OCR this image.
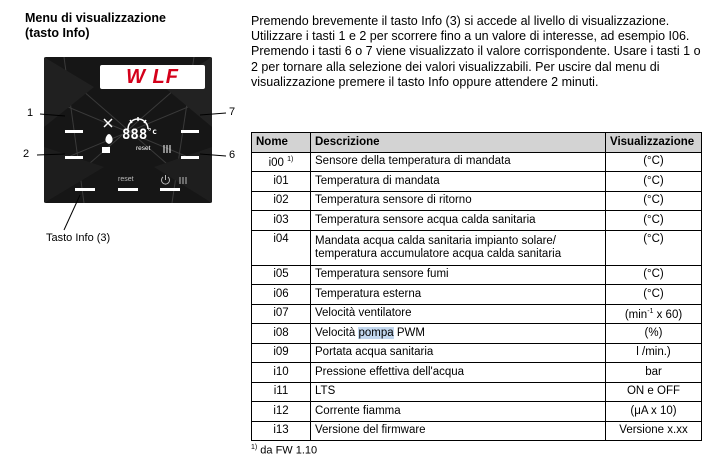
Menu di visualizzazione
(tasto Info)

Premendo brevemente il tasto Info (3) si accede al livello di visualizzazione. Utilizzare i tasti 1 e 2 per scorrere fino a un valore di interesse, ad esempio I06.

Premendo i tasti 6 o 7 viene visualizzato il valore corrispondente. Usare i tasti 1 o 2 per tornare alla selezione dei valori visualizzabili. Per uscire dal menu di visualizzazione premere il tasto Info oppure attendere 2 minuti.

W LF
$888^{^\circ c}$
reset
reset
1
2
7
6
Tasto Info (3)
Nome	Descrizione	Visualizzazione
i00 $^{1)}$	Sensore della temperatura di mandata	(°C)
i01	Temperatura di mandata	(°C)
i02	Temperatura sensore di ritorno	(°C)
i03	Temperatura sensore acqua calda sanitaria	(°C)
i04	Mandata acqua calda sanitaria impianto solare/
temperatura accumulatore acqua calda sanitaria	(°C)
i05	Temperatura sensore fumi	(°C)
i06	Temperatura esterna	(°C)
i07	Velocità ventilatore	($\min^{-1}$ x 60)
i08	Velocità pompa PWM	(%)
i09	Portata acqua sanitaria	l /min.)
i10	Pressione effettiva dell'acqua	bar
i11	LTS	ON e OFF
i12	Corrente fiamma	(μA x 10)
i13	Versione del firmware	Versione x.xx
$^{1)}$ da FW 1.10
